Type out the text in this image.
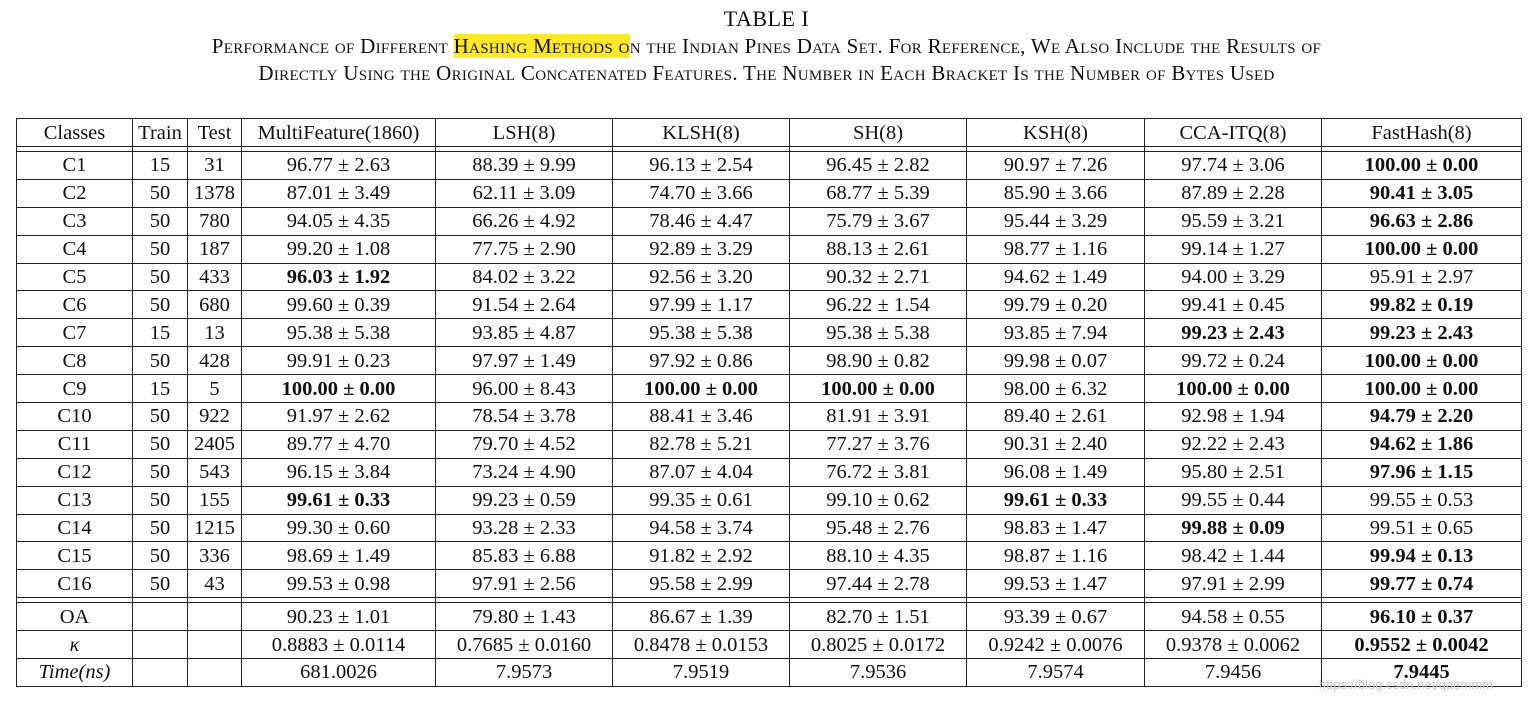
TABLE I
Performance of Different Hashing Methods on the Indian Pines Data Set. For Reference, We Also Include the Results of
Directly Using the Original Concatenated Features. The Number in Each Bracket Is the Number of Bytes Used
Classes	Train	Test	MultiFeature(1860)	LSH(8)	KLSH(8)	SH(8)	KSH(8)	CCA-ITQ(8)	FastHash(8)

C1	15	31	96.77 ± 2.63	88.39 ± 9.99	96.13 ± 2.54	96.45 ± 2.82	90.97 ± 7.26	97.74 ± 3.06	100.00 ± 0.00
C2	50	1378	87.01 ± 3.49	62.11 ± 3.09	74.70 ± 3.66	68.77 ± 5.39	85.90 ± 3.66	87.89 ± 2.28	90.41 ± 3.05
C3	50	780	94.05 ± 4.35	66.26 ± 4.92	78.46 ± 4.47	75.79 ± 3.67	95.44 ± 3.29	95.59 ± 3.21	96.63 ± 2.86
C4	50	187	99.20 ± 1.08	77.75 ± 2.90	92.89 ± 3.29	88.13 ± 2.61	98.77 ± 1.16	99.14 ± 1.27	100.00 ± 0.00
C5	50	433	96.03 ± 1.92	84.02 ± 3.22	92.56 ± 3.20	90.32 ± 2.71	94.62 ± 1.49	94.00 ± 3.29	95.91 ± 2.97
C6	50	680	99.60 ± 0.39	91.54 ± 2.64	97.99 ± 1.17	96.22 ± 1.54	99.79 ± 0.20	99.41 ± 0.45	99.82 ± 0.19
C7	15	13	95.38 ± 5.38	93.85 ± 4.87	95.38 ± 5.38	95.38 ± 5.38	93.85 ± 7.94	99.23 ± 2.43	99.23 ± 2.43
C8	50	428	99.91 ± 0.23	97.97 ± 1.49	97.92 ± 0.86	98.90 ± 0.82	99.98 ± 0.07	99.72 ± 0.24	100.00 ± 0.00
C9	15	5	100.00 ± 0.00	96.00 ± 8.43	100.00 ± 0.00	100.00 ± 0.00	98.00 ± 6.32	100.00 ± 0.00	100.00 ± 0.00
C10	50	922	91.97 ± 2.62	78.54 ± 3.78	88.41 ± 3.46	81.91 ± 3.91	89.40 ± 2.61	92.98 ± 1.94	94.79 ± 2.20
C11	50	2405	89.77 ± 4.70	79.70 ± 4.52	82.78 ± 5.21	77.27 ± 3.76	90.31 ± 2.40	92.22 ± 2.43	94.62 ± 1.86
C12	50	543	96.15 ± 3.84	73.24 ± 4.90	87.07 ± 4.04	76.72 ± 3.81	96.08 ± 1.49	95.80 ± 2.51	97.96 ± 1.15
C13	50	155	99.61 ± 0.33	99.23 ± 0.59	99.35 ± 0.61	99.10 ± 0.62	99.61 ± 0.33	99.55 ± 0.44	99.55 ± 0.53
C14	50	1215	99.30 ± 0.60	93.28 ± 2.33	94.58 ± 3.74	95.48 ± 2.76	98.83 ± 1.47	99.88 ± 0.09	99.51 ± 0.65
C15	50	336	98.69 ± 1.49	85.83 ± 6.88	91.82 ± 2.92	88.10 ± 4.35	98.87 ± 1.16	98.42 ± 1.44	99.94 ± 0.13
C16	50	43	99.53 ± 0.98	97.91 ± 2.56	95.58 ± 2.99	97.44 ± 2.78	99.53 ± 1.47	97.91 ± 2.99	99.77 ± 0.74

OA			90.23 ± 1.01	79.80 ± 1.43	86.67 ± 1.39	82.70 ± 1.51	93.39 ± 0.67	94.58 ± 0.55	96.10 ± 0.37
κ			0.8883 ± 0.0114	0.7685 ± 0.0160	0.8478 ± 0.0153	0.8025 ± 0.0172	0.9242 ± 0.0076	0.9378 ± 0.0062	0.9552 ± 0.0042
Time(ns)			681.0026	7.9573	7.9519	7.9536	7.9574	7.9456	7.9445
https://blog.csdn.net/qaemmm
